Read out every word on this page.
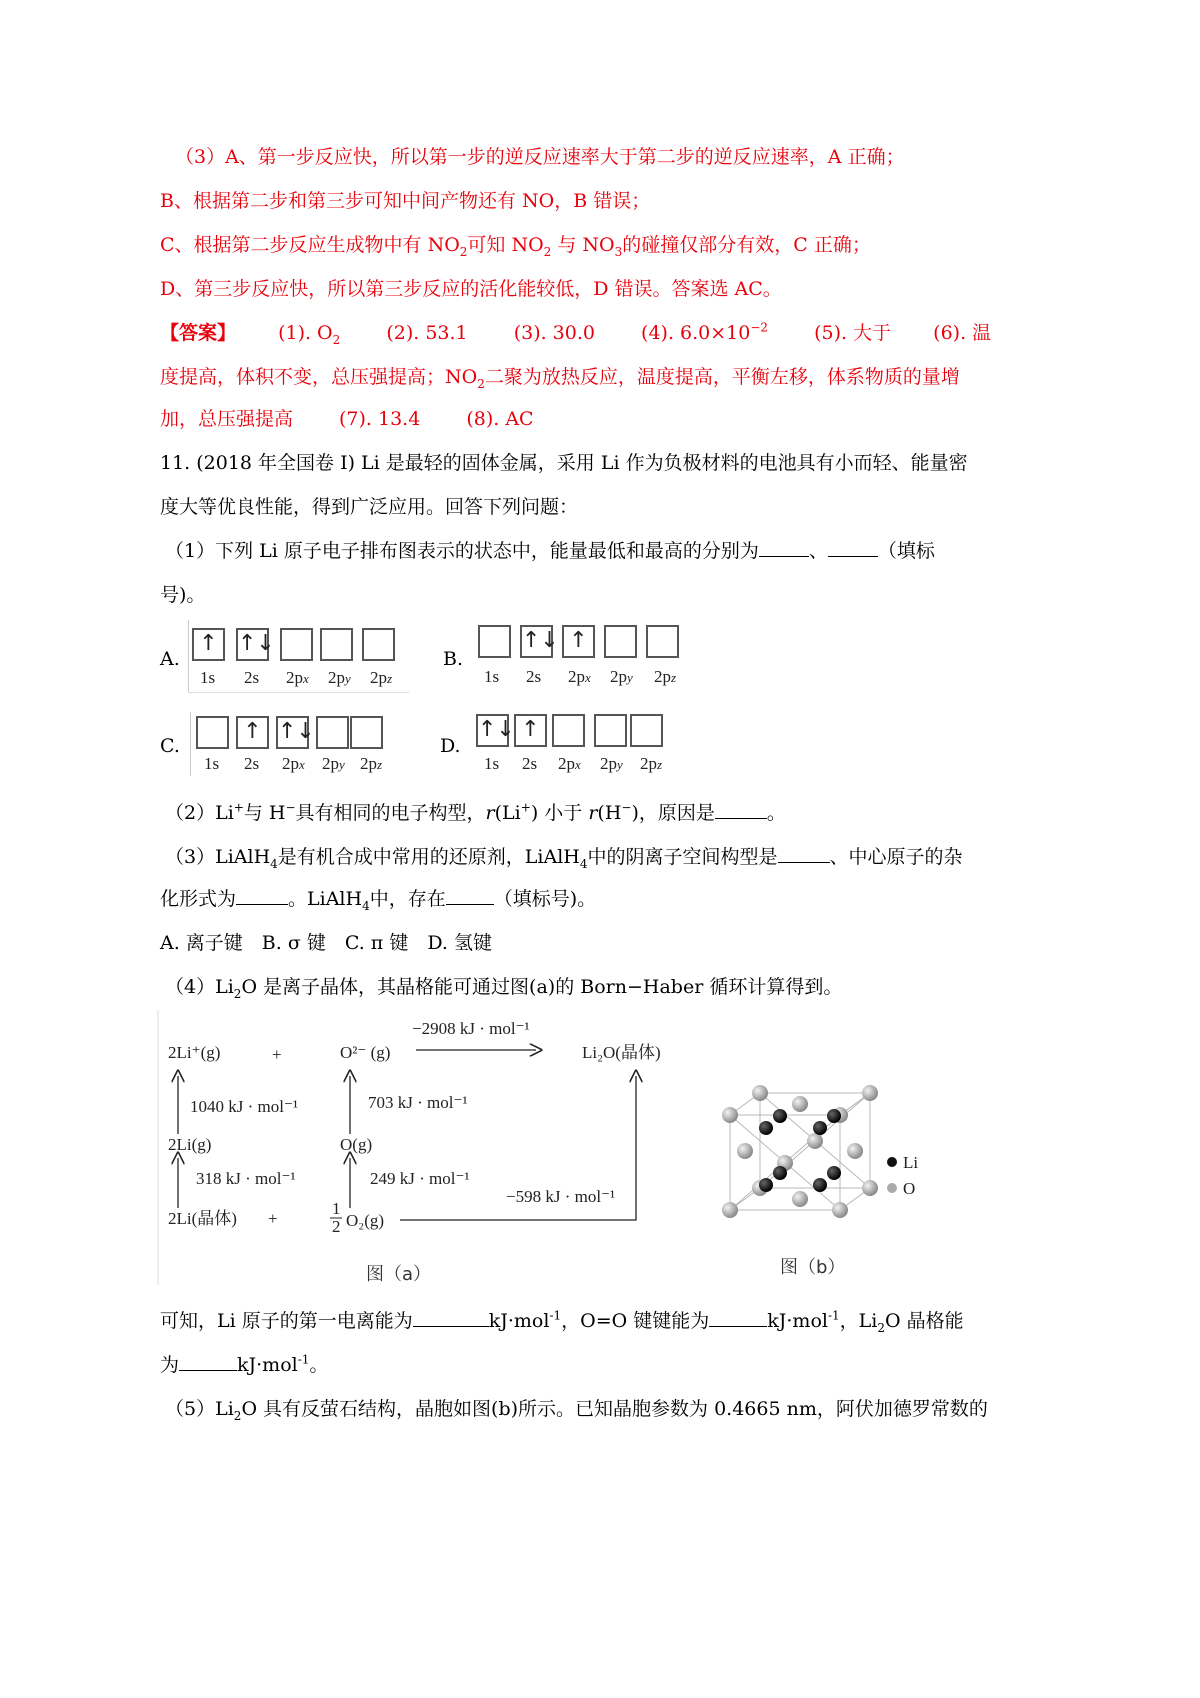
（3）A、第一步反应快，所以第一步的逆反应速率大于第二步的逆反应速率，A 正确；
B、根据第二步和第三步可知中间产物还有 NO，B 错误；
C、根据第二步反应生成物中有 $NO_2$可知 $NO_2$ 与 $NO_3$的碰撞仅部分有效，C 正确；
D、第三步反应快，所以第三步反应的活化能较低，D 错误。答案选 AC。
【答案】 (1). $O_2$ (2). 53.1 (3). 30.0 (4). $6.0\times 10^{-2}$ (5). 大于 (6). 温
度提高，体积不变，总压强提高；$NO_2$二聚为放热反应，温度提高，平衡左移，体系物质的量增
加，总压强提高 (7). 13.4 (8). AC
11. (2018 年全国卷 I) Li 是最轻的固体金属，采用 Li 作为负极材料的电池具有小而轻、能量密
度大等优良性能，得到广泛应用。回答下列问题：
（1）下列 Li 原子电子排布图表示的状态中，能量最低和最高的分别为	、	（填标
号)。
A.
↑ ↑↓
1s 2s 2px 2py 2pz
B.
↑↓ ↑
1s 2s 2px 2py 2pz
C.
↑ ↑↓
1s 2s 2px 2py 2pz
D.
↑↓ ↑
1s 2s 2px 2py 2pz
（2）Li+与 H−具有相同的电子构型，r(Li+) 小于 r(H−)，原因是	。
（3）LiAlH$_4$是有机合成中常用的还原剂，LiAlH$_4$中的阴离子空间构型是	、中心原子的杂
化形式为	。LiAlH$_4$中，存在	（填标号)。
A. 离子键　B. σ 键　C. π 键　D. 氢键
$(4)Li_2O$ 是离子晶体，其晶格能可通过图(a)的 Born−Haber 循环计算得到。
2Li⁺(g)	+	O²⁻ (g)
−2908 kJ · mol⁻¹
Li₂O(晶体)
1040 kJ · mol⁻¹	703 kJ · mol⁻¹
2Li(g)	O(g)
318 kJ · mol⁻¹	249 kJ · mol⁻¹
2Li(晶体) +
1
2 O₂(g)
−598 kJ · mol⁻¹
图（a）
Li
O
图（b）
可知，Li 原子的第一电离能为	kJ·mol$^{-1}$，O=O 键键能为	kJ·mol$^{-1}$，$Li_2O$ 晶格能
为	kJ·mol$^{-1}$。
$(5)Li_2O$ 具有反萤石结构，晶胞如图(b)所示。已知晶胞参数为 0.4665 nm，阿伏加德罗常数的
